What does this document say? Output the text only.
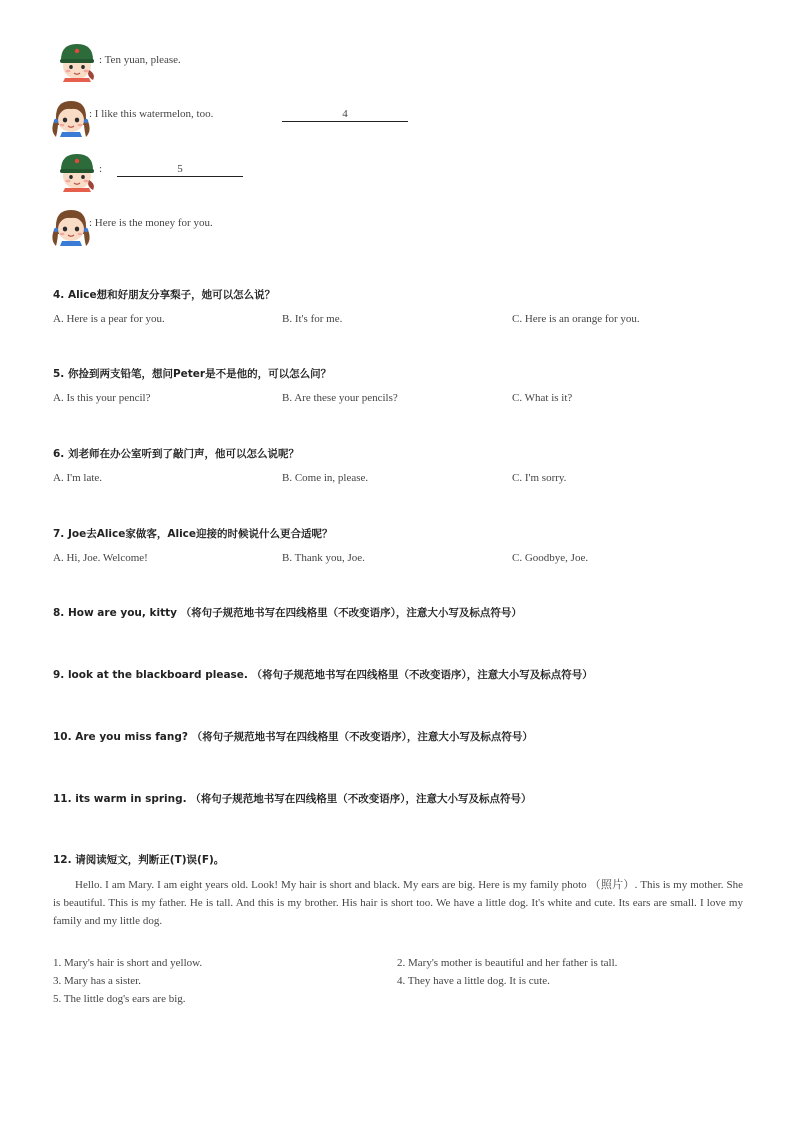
: Ten yuan, please.
: I like this watermelon, too.	4
:	5
: Here is the money for you.
4. Alice想和好朋友分享梨子，她可以怎么说？
A. Here is a pear for you.	B. It's for me.	C. Here is an orange for you.
5. 你捡到两支铅笔，想问Peter是不是他的，可以怎么问？
A. Is this your pencil?	B. Are these your pencils?	C. What is it?
6. 刘老师在办公室听到了敲门声，他可以怎么说呢？
A. I'm late.	B. Come in, please.	C. I'm sorry.
7. Joe去Alice家做客，Alice迎接的时候说什么更合适呢？
A. Hi, Joe. Welcome!	B. Thank you, Joe.	C. Goodbye, Joe.
8. How are you, kitty （将句子规范地书写在四线格里（不改变语序），注意大小写及标点符号）
9. look at the blackboard please. （将句子规范地书写在四线格里（不改变语序），注意大小写及标点符号）
10. Are you miss fang? （将句子规范地书写在四线格里（不改变语序），注意大小写及标点符号）
11. its warm in spring. （将句子规范地书写在四线格里（不改变语序），注意大小写及标点符号）
12. 请阅读短文，判断正(T)误(F)。
Hello. I am Mary. I am eight years old. Look! My hair is short and black. My ears are big. Here is my family photo （照片）. This is my mother. She is beautiful. This is my father. He is tall. And this is my brother. His hair is short too. We have a little dog. It's white and cute. Its ears are small. I love my family and my little dog.
1. Mary's hair is short and yellow.	2. Mary's mother is beautiful and her father is tall.
3. Mary has a sister.	4. They have a little dog. It is cute.
5. The little dog's ears are big.
